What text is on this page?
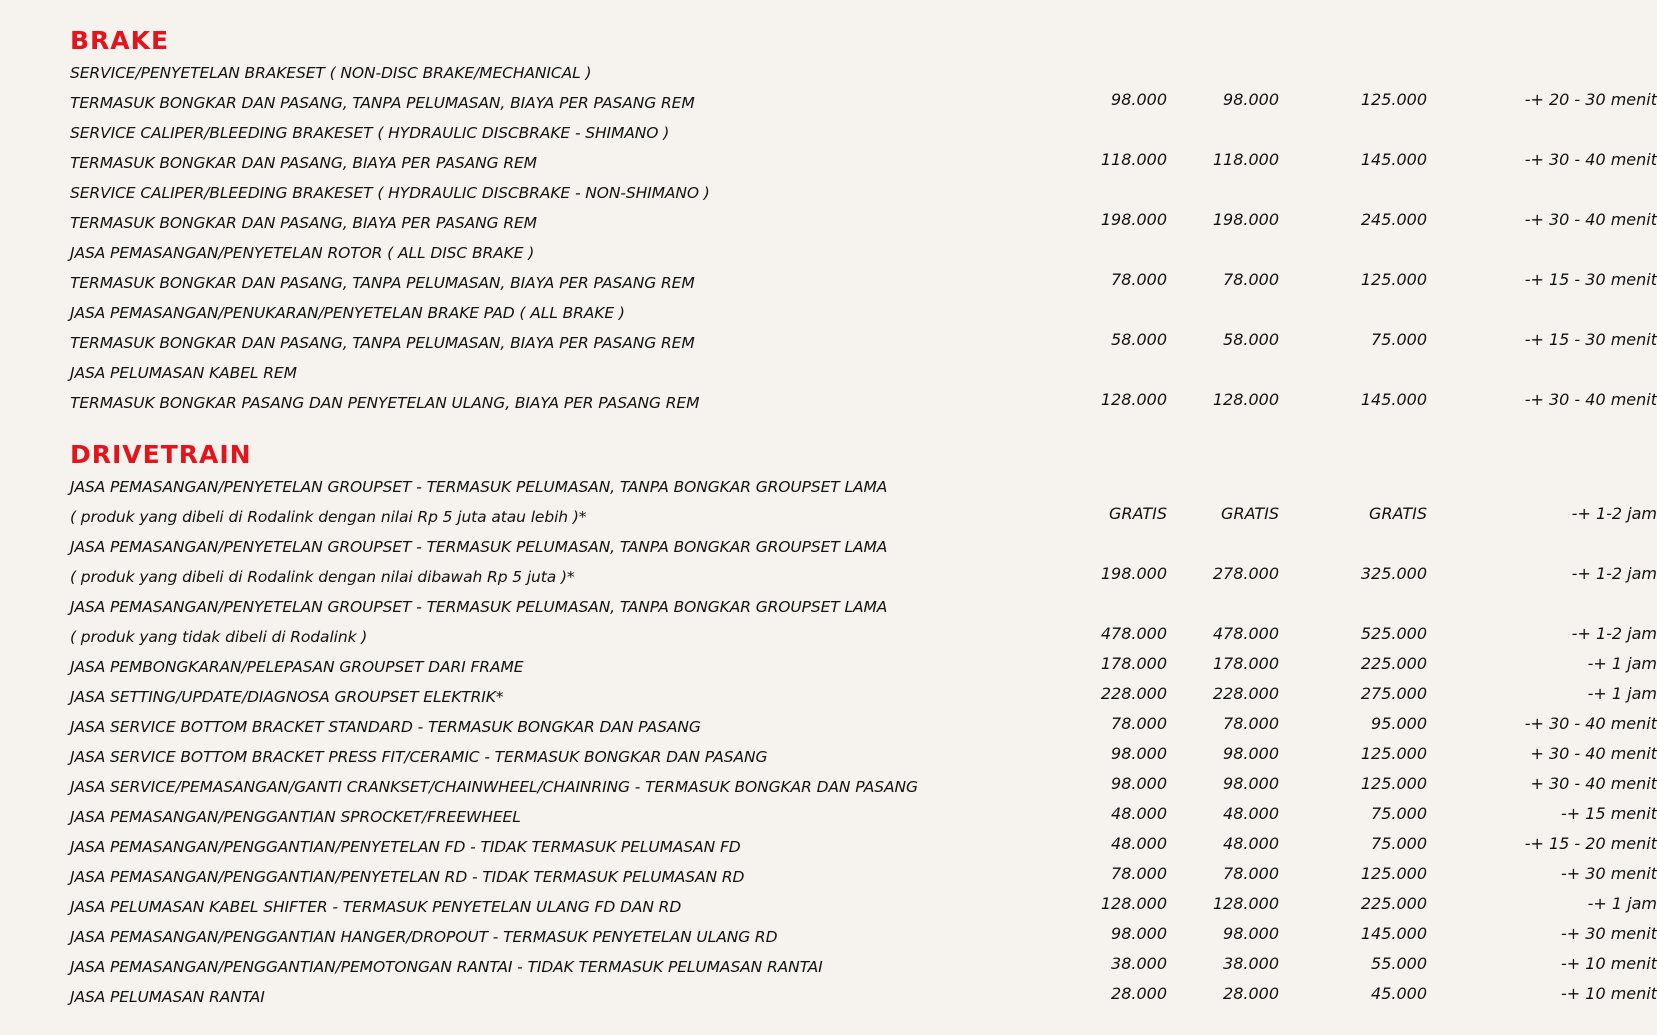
BRAKE
SERVICE/PENYETELAN BRAKESET ( NON-DISC BRAKE/MECHANICAL )
TERMASUK BONGKAR DAN PASANG, TANPA PELUMASAN, BIAYA PER PASANG REM	98.000	98.000	125.000	-+ 20 - 30 menit
SERVICE CALIPER/BLEEDING BRAKESET ( HYDRAULIC DISCBRAKE - SHIMANO )
TERMASUK BONGKAR DAN PASANG, BIAYA PER PASANG REM	118.000	118.000	145.000	-+ 30 - 40 menit
SERVICE CALIPER/BLEEDING BRAKESET ( HYDRAULIC DISCBRAKE - NON-SHIMANO )
TERMASUK BONGKAR DAN PASANG, BIAYA PER PASANG REM	198.000	198.000	245.000	-+ 30 - 40 menit
JASA PEMASANGAN/PENYETELAN ROTOR ( ALL DISC BRAKE )
TERMASUK BONGKAR DAN PASANG, TANPA PELUMASAN, BIAYA PER PASANG REM	78.000	78.000	125.000	-+ 15 - 30 menit
JASA PEMASANGAN/PENUKARAN/PENYETELAN BRAKE PAD ( ALL BRAKE )
TERMASUK BONGKAR DAN PASANG, TANPA PELUMASAN, BIAYA PER PASANG REM	58.000	58.000	75.000	-+ 15 - 30 menit
JASA PELUMASAN KABEL REM
TERMASUK BONGKAR PASANG DAN PENYETELAN ULANG, BIAYA PER PASANG REM	128.000	128.000	145.000	-+ 30 - 40 menit
DRIVETRAIN
JASA PEMASANGAN/PENYETELAN GROUPSET - TERMASUK PELUMASAN, TANPA BONGKAR GROUPSET LAMA
( produk yang dibeli di Rodalink dengan nilai Rp 5 juta atau lebih )*	GRATIS	GRATIS	GRATIS	-+ 1-2 jam
JASA PEMASANGAN/PENYETELAN GROUPSET - TERMASUK PELUMASAN, TANPA BONGKAR GROUPSET LAMA
( produk yang dibeli di Rodalink dengan nilai dibawah Rp 5 juta )*	198.000	278.000	325.000	-+ 1-2 jam
JASA PEMASANGAN/PENYETELAN GROUPSET - TERMASUK PELUMASAN, TANPA BONGKAR GROUPSET LAMA
( produk yang tidak dibeli di Rodalink )	478.000	478.000	525.000	-+ 1-2 jam
JASA PEMBONGKARAN/PELEPASAN GROUPSET DARI FRAME	178.000	178.000	225.000	-+ 1 jam
JASA SETTING/UPDATE/DIAGNOSA GROUPSET ELEKTRIK*	228.000	228.000	275.000	-+ 1 jam
JASA SERVICE BOTTOM BRACKET STANDARD - TERMASUK BONGKAR DAN PASANG	78.000	78.000	95.000	-+ 30 - 40 menit
JASA SERVICE BOTTOM BRACKET PRESS FIT/CERAMIC - TERMASUK BONGKAR DAN PASANG	98.000	98.000	125.000	+ 30 - 40 menit
JASA SERVICE/PEMASANGAN/GANTI CRANKSET/CHAINWHEEL/CHAINRING - TERMASUK BONGKAR DAN PASANG	98.000	98.000	125.000	+ 30 - 40 menit
JASA PEMASANGAN/PENGGANTIAN SPROCKET/FREEWHEEL	48.000	48.000	75.000	-+ 15 menit
JASA PEMASANGAN/PENGGANTIAN/PENYETELAN FD - TIDAK TERMASUK PELUMASAN FD	48.000	48.000	75.000	-+ 15 - 20 menit
JASA PEMASANGAN/PENGGANTIAN/PENYETELAN RD - TIDAK TERMASUK PELUMASAN RD	78.000	78.000	125.000	-+ 30 menit
JASA PELUMASAN KABEL SHIFTER - TERMASUK PENYETELAN ULANG FD DAN RD	128.000	128.000	225.000	-+ 1 jam
JASA PEMASANGAN/PENGGANTIAN HANGER/DROPOUT - TERMASUK PENYETELAN ULANG RD	98.000	98.000	145.000	-+ 30 menit
JASA PEMASANGAN/PENGGANTIAN/PEMOTONGAN RANTAI - TIDAK TERMASUK PELUMASAN RANTAI	38.000	38.000	55.000	-+ 10 menit
JASA PELUMASAN RANTAI	28.000	28.000	45.000	-+ 10 menit
